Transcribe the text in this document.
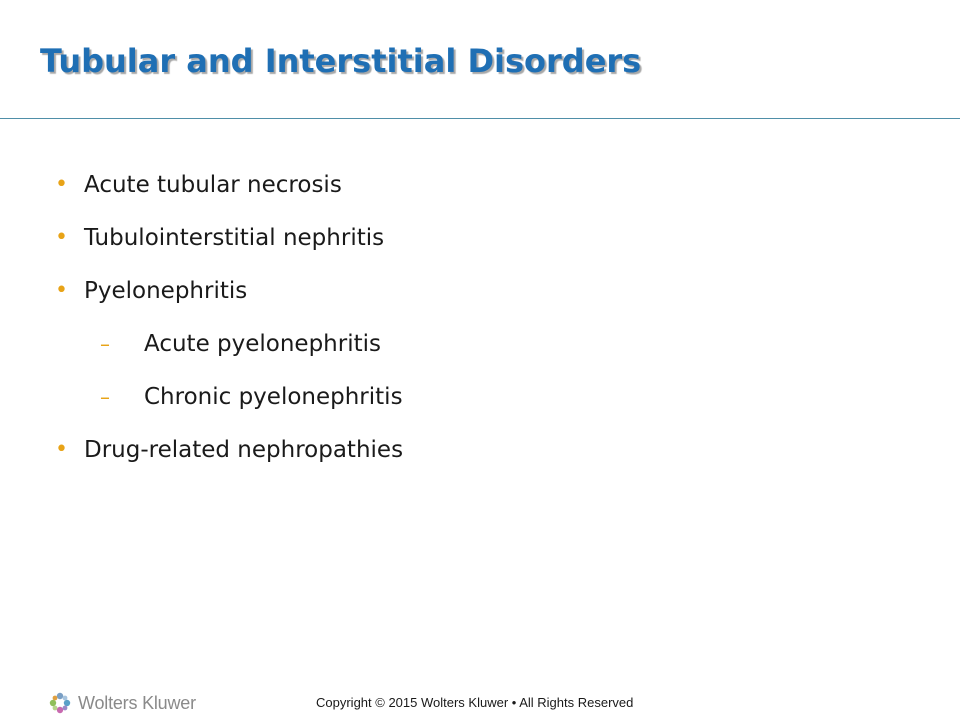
Tubular and Interstitial Disorders
• Acute tubular necrosis
• Tubulointerstitial nephritis
• Pyelonephritis
– Acute pyelonephritis
– Chronic pyelonephritis
• Drug-related nephropathies
Wolters Kluwer	Copyright © 2015 Wolters Kluwer • All Rights Reserved
